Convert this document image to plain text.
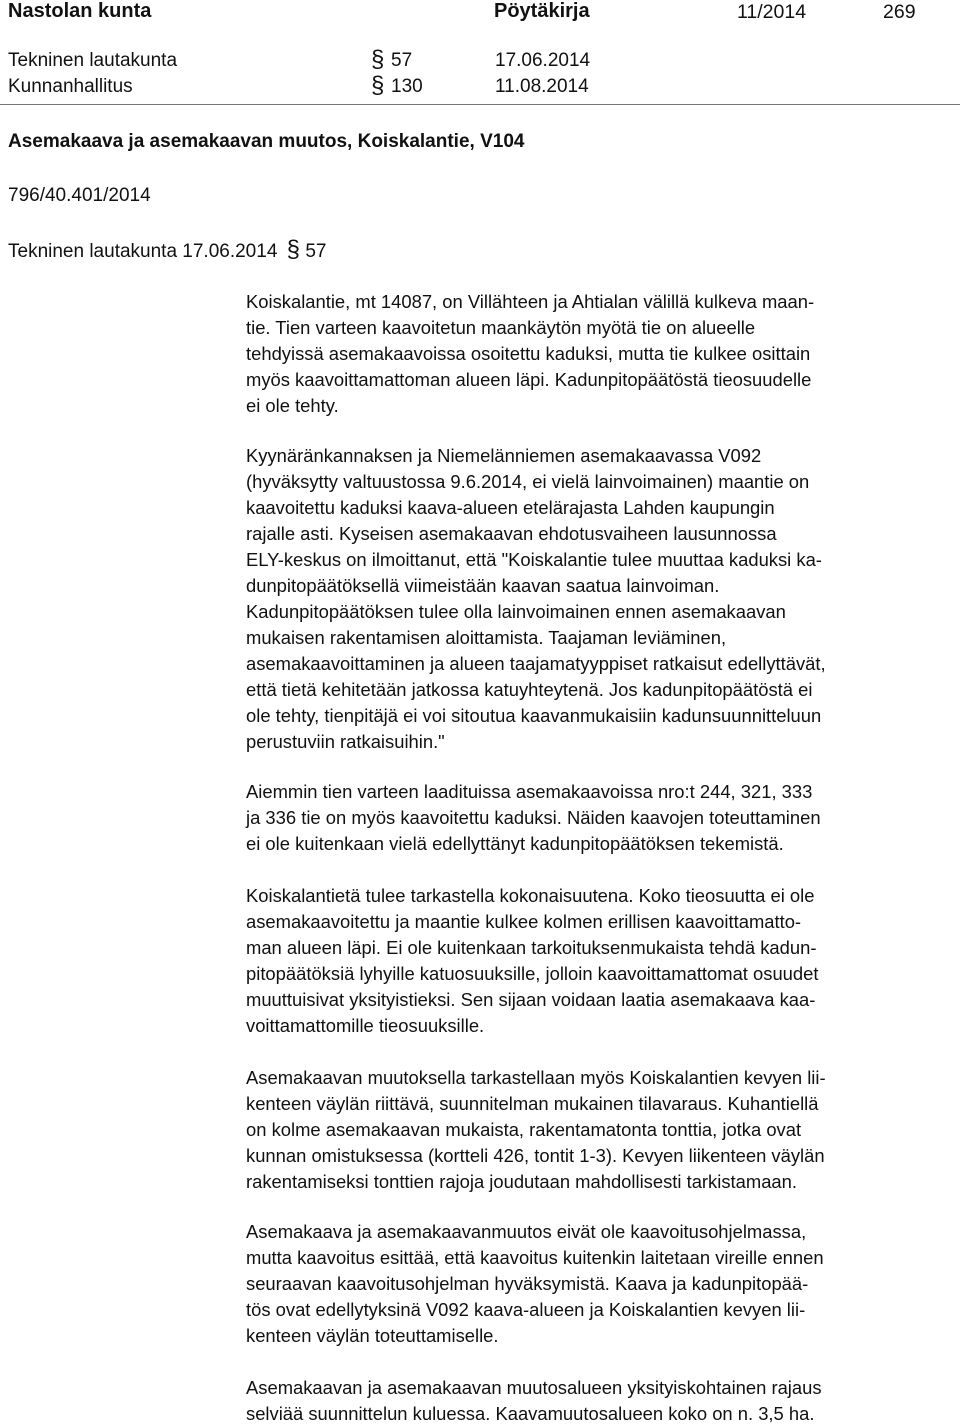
Nastolan kunta	Pöytäkirja	11/2014	269
Tekninen lautakunta	§ 57	17.06.2014
Kunnanhallitus	§ 130	11.08.2014
Asemakaava ja asemakaavan muutos, Koiskalantie, V104
796/40.401/2014
Tekninen lautakunta 17.06.2014 § 57
Koiskalantie, mt 14087, on Villähteen ja Ahtialan välillä kulkeva maan-
tie. Tien varteen kaavoitetun maankäytön myötä tie on alueelle
tehdyissä asemakaavoissa osoitettu kaduksi, mutta tie kulkee osittain
myös kaavoittamattoman alueen läpi. Kadunpitopäätöstä tieosuudelle
ei ole tehty.
Kyynäränkannaksen ja Niemelänniemen asemakaavassa V092
(hyväksytty valtuustossa 9.6.2014, ei vielä lainvoimainen) maantie on
kaavoitettu kaduksi kaava-alueen etelärajasta Lahden kaupungin
rajalle asti. Kyseisen asemakaavan ehdotusvaiheen lausunnossa
ELY-keskus on ilmoittanut, että "Koiskalantie tulee muuttaa kaduksi ka-
dunpitopäätöksellä viimeistään kaavan saatua lainvoiman.
Kadunpitopäätöksen tulee olla lainvoimainen ennen asemakaavan
mukaisen rakentamisen aloittamista. Taajaman leviäminen,
asemakaavoittaminen ja alueen taajamatyyppiset ratkaisut edellyttävät,
että tietä kehitetään jatkossa katuyhteytenä. Jos kadunpitopäätöstä ei
ole tehty, tienpitäjä ei voi sitoutua kaavanmukaisiin kadunsuunnitteluun
perustuviin ratkaisuihin."
Aiemmin tien varteen laadituissa asemakaavoissa nro:t 244, 321, 333
ja 336 tie on myös kaavoitettu kaduksi. Näiden kaavojen toteuttaminen
ei ole kuitenkaan vielä edellyttänyt kadunpitopäätöksen tekemistä.
Koiskalantietä tulee tarkastella kokonaisuutena. Koko tieosuutta ei ole
asemakaavoitettu ja maantie kulkee kolmen erillisen kaavoittamatto-
man alueen läpi. Ei ole kuitenkaan tarkoituksenmukaista tehdä kadun-
pitopäätöksiä lyhyille katuosuuksille, jolloin kaavoittamattomat osuudet
muuttuisivat yksityistieksi. Sen sijaan voidaan laatia asemakaava kaa-
voittamattomille tieosuuksille.
Asemakaavan muutoksella tarkastellaan myös Koiskalantien kevyen lii-
kenteen väylän riittävä, suunnitelman mukainen tilavaraus. Kuhantiellä
on kolme asemakaavan mukaista, rakentamatonta tonttia, jotka ovat
kunnan omistuksessa (kortteli 426, tontit 1-3). Kevyen liikenteen väylän
rakentamiseksi tonttien rajoja joudutaan mahdollisesti tarkistamaan.
Asemakaava ja asemakaavanmuutos eivät ole kaavoitusohjelmassa,
mutta kaavoitus esittää, että kaavoitus kuitenkin laitetaan vireille ennen
seuraavan kaavoitusohjelman hyväksymistä. Kaava ja kadunpitopää-
tös ovat edellytyksinä V092 kaava-alueen ja Koiskalantien kevyen lii-
kenteen väylän toteuttamiselle.
Asemakaavan ja asemakaavan muutosalueen yksityiskohtainen rajaus
selviää suunnittelun kuluessa. Kaavamuutosalueen koko on n. 3,5 ha.
